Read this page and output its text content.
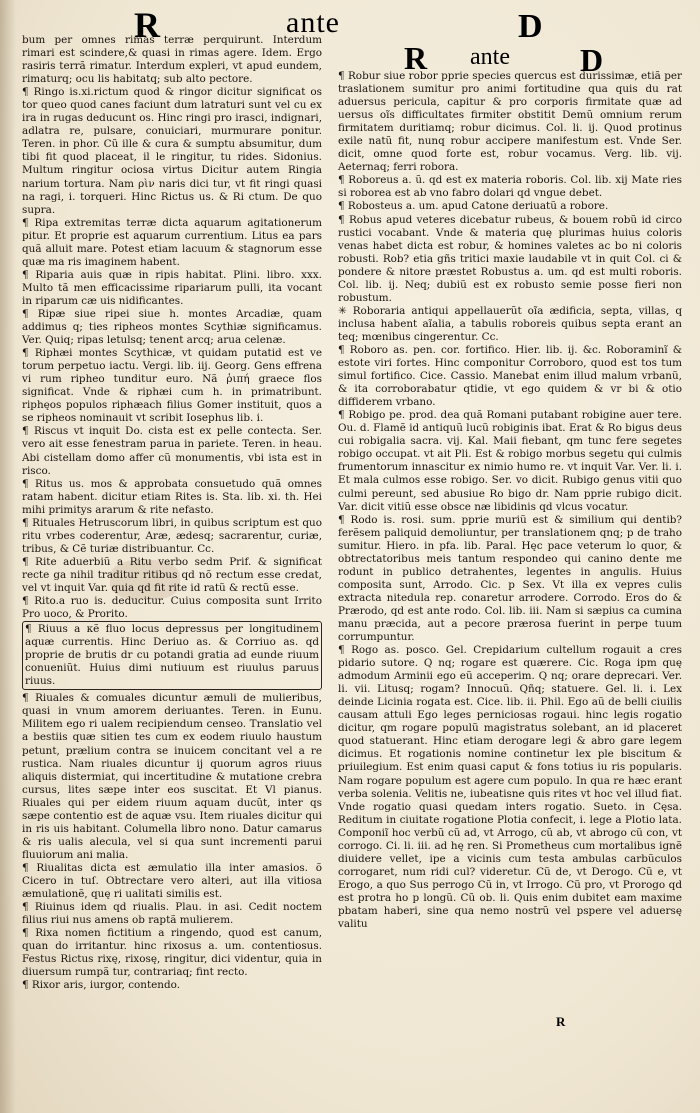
R	ante	D
R ante D

bum per omnes rimas terræ perquirunt. Interdum rimari est scindere,& quasi in rimas agere. Idem. Ergo rasiris terrã rimatur. Interdum expleri, vt apud eundem, rimaturq; ocu lis habitatq; sub alto pectore.

¶ Ringo is.xi.rictum quod & ringor dicitur significat os tor queo quod canes faciunt dum latraturi sunt vel cu ex ira in rugas deducunt os. Hinc ringi pro irasci, indignari, adlatra re, pulsare, conuiciari, murmurare ponitur. Teren. in phor. Cũ ille & cura & sumptu absumitur, dum tibi fit quod placeat, il le ringitur, tu rides. Sidonius. Multum ringitur ociosa virtus Dicitur autem Ringia narium tortura. Nam ρὶν naris dici tur, vt fit ringi quasi na ragi, i. torqueri. Hinc Rictus us. & Ri ctum. De quo supra.

¶ Ripa extremitas terræ dicta aquarum agitationerum pitur. Et proprie est aquarum currentium. Litus ea pars quã alluit mare. Potest etiam lacuum & stagnorum esse quæ ma ris imaginem habent.

¶ Riparia auis quæ in ripis habitat. Plini. libro. xxx. Multo tã men efficacissime ripariarum pulli, ita vocant in riparum cæ uis nidificantes.

¶ Ripæ siue ripei siue h. montes Arcadiæ, quam addimus q; ties ripheos montes Scythiæ significamus. Ver. Quiq; ripas letulsq; tenent arcq; arua celenæ.

¶ Riphæi montes Scythicæ, vt quidam putatid est ve torum perpetuo iactu. Vergi. lib. iij. Georg. Gens effrena vi rum ripheo tunditur euro. Nã ῥιπή graece flos significat. Vnde & riphæi cum h. in primatribunt. riphęos populos riphæach filius Gomer instituit, quos a se ripheos nominauit vt scribit Iosephus lib. i.

¶ Riscus vt inquit Do. cista est ex pelle contecta. Ser. vero ait esse fenestram parua in pariete. Teren. in heau. Abi cistellam domo affer cũ monumentis, vbi ista est in risco.

¶ Ritus us. mos & approbata consuetudo quã omnes ratam habent. dicitur etiam Rites is. Sta. lib. xi. th. Hei mihi primitys ararum & rite nefasto.

¶ Rituales Hetruscorum libri, in quibus scriptum est quo ritu vrbes coderentur, Aræ, ædesq; sacrarentur, curiæ, tribus, & Cẽ turiæ distribuantur. Cc.

¶ Rite aduerbiũ a Ritu verbo sedm Prif. & significat recte ga nihil traditur ritibus qd nõ rectum esse credat, vel vt inquit Var. quia qd fit rite id ratũ & rectũ esse.

¶ Rito.a ruo is. deducitur. Cuius composita sunt Irrito Pro uoco, & Prorito.

¶ Riuus a κẽ fluo locus depressus per longitudinem aquæ currentis. Hinc Deriuo as. & Corriuo as. qd proprie de brutis dr cu potandi gratia ad eunde riuum conueniũt. Huius dimi nutiuum est riuulus paruus riuus.

¶ Riuales & comuales dicuntur æmuli de mulieribus, quasi in vnum amorem deriuantes. Teren. in Eunu. Militem ego ri ualem recipiendum censeo. Translatio vel a bestiis quæ sitien tes cum ex eodem riuulo haustum petunt, prælium contra se inuicem concitant vel a re rustica. Nam riuales dicuntur ij quorum agros riuus aliquis distermiat, qui incertitudine & mutatione crebra cursus, lites sæpe inter eos suscitat. Et Vl pianus. Riuales qui per eidem riuum aquam ducũt, inter qs sæpe contentio est de aquæ vsu. Item riuales dicitur qui in ris uis habitant. Columella libro nono. Datur camarus & ris ualis alecula, vel si qua sunt incrementi parui fluuiorum ani malia.

¶ Riualitas dicta est æmulatio illa inter amasios. õ Cicero in tuſ. Obtrectare vero alteri, aut illa vitiosa æmulationẽ, quę ri ualitati similis est.

¶ Riuinus idem qd riualis. Plau. in asi. Cedit noctem filius riui nus amens ob raptã mulierem.

¶ Rixa nomen fictitium a ringendo, quod est canum, quan do irritantur. hinc rixosus a. um. contentiosus. Festus Rictus rixę, rixosę, ringitur, dici videntur, quia in diuersum rumpã tur, contrariaq; fint recto.

¶ Rixor aris, iurgor, contendo.

¶ Robur siue robor pprie species quercus est durissimæ, etiã per traslationem sumitur pro animi fortitudine qua quis du rat aduersus pericula, capitur & pro corporis firmitate quæ ad uersus oĩs difficultates firmiter obstitit Demũ omnium rerum firmitatem duritiamq; robur dicimus. Col. li. ij. Quod protinus exile natũ fit, nunq robur accipere manifestum est. Vnde Ser. dicit, omne quod forte est, robur vocamus. Verg. lib. vij. Aeternaq; ferri robora.

¶ Roboreus a. ũ. qd est ex materia roboris. Col. lib. xij Mate ries si roborea est ab vno fabro dolari qd vngue debet.

¶ Robosteus a. um. apud Catone deriuatũ a robore.

¶ Robus apud veteres dicebatur rubeus, & bouem robũ id circo rustici vocabant. Vnde & materia quę plurimas huius coloris venas habet dicta est robur, & homines valetes ac bo ni coloris robusti. Rob? etia gñs tritici maxie laudabile vt in quit Col. ci & pondere & nitore præstet Robustus a. um. qd est multi roboris. Col. lib. ij. Neq; dubiũ est ex robusto semie posse fieri non robustum.

✳ Roboraria antiqui appellauerũt oĩa ædificia, septa, villas, q inclusa habent aĩalia, a tabulis roboreis quibus septa erant an teq; mœnibus cingerentur. Cc.

¶ Roboro as. pen. cor. fortifico. Hier. lib. ij. &c. Roboraminĩ & estote viri fortes. Hinc componitur Corroboro, quod est tos tum simul fortifico. Cice. Cassio. Manebat enim illud malum vrbanũ, & ita corroborabatur qtidie, vt ego quidem & vr bi & otio diffiderem vrbano.

¶ Robigo pe. prod. dea quã Romani putabant robigine auer tere. Ou. d. Flamẽ id antiquũ lucũ robiginis ibat. Erat & Ro bigus deus cui robigalia sacra. vij. Kal. Maii fiebant, qm tunc fere segetes robigo occupat. vt ait Pli. Est & robigo morbus segetu qui culmis frumentorum innascitur ex nimio humo re. vt inquit Var. Ver. li. i. Et mala culmos esse robigo. Ser. vo dicit. Rubigo genus vitii quo culmi pereunt, sed abusiue Ro bigo dr. Nam pprie rubigo dicit. Var. dicit vitiũ esse obsce næ libidinis qd vlcus vocatur.

¶ Rodo is. rosi. sum. pprie muriũ est & similium qui dentib? ferẽsem paliquid demoliuntur, per translationem qnq; p de traho sumitur. Hiero. in pfa. lib. Paral. Hęc pace veterum lo quor, & obtrectatoribus meis tantum respondeo qui canino dente me rodunt in publico detrahentes, legentes in angulis. Huius composita sunt, Arrodo. Cic. p Sex. Vt illa ex vepres culis extracta nitedula rep. conaretur arrodere. Corrodo. Eros do & Prærodo, qd est ante rodo. Col. lib. iii. Nam si sæpius ca cumina manu præcida, aut a pecore prærosa fuerint in perpe tuum corrumpuntur.

¶ Rogo as. posco. Gel. Crepidarium cultellum rogauit a cres pidario sutore. Q nq; rogare est quærere. Cic. Roga ipm quę admodum Arminii ego eũ acceperim. Q nq; orare deprecari. Ver. li. vii. Litusq; rogam? Innocuũ. Qñq; statuere. Gel. li. i. Lex deinde Licinia rogata est. Cice. lib. ii. Phil. Ego aũ de belli ciuilis causam attuli Ego leges perniciosas rogaui. hinc legis rogatio dicitur, qm rogare populũ magistratus solebant, an id placeret quod statuerant. Hinc etiam derogare legi & abro gare legem dicimus. Et rogationis nomine continetur lex ple biscitum & priuilegium. Est enim quasi caput & fons totius iu ris popularis. Nam rogare populum est agere cum populo. In qua re hæc erant verba solenia. Velitis ne, iubeatisne quis rites vt hoc vel illud fiat. Vnde rogatio quasi quedam inters rogatio. Sueto. in Cęsa. Reditum in ciuitate rogatione Plotia confecit, i. lege a Plotio lata. Componiĩ hoc verbũ cũ ad, vt Arrogo, cũ ab, vt abrogo cũ con, vt corrogo. Ci. li. iii. ad hę ren. Si Prometheus cum mortalibus ignẽ diuidere vellet, ipe a vicinis cum testa ambulas carbũculos corrogaret, num ridi cul? videretur. Cũ de, vt Derogo. Cũ e, vt Erogo, a quo Sus perrogo Cũ in, vt Irrogo. Cũ pro, vt Prorogo qd est protra ho p longũ. Cũ ob. li. Quis enim dubitet eam maxime pbatam haberi, sine qua nemo nostrũ vel pspere vel aduersę valitu

R
